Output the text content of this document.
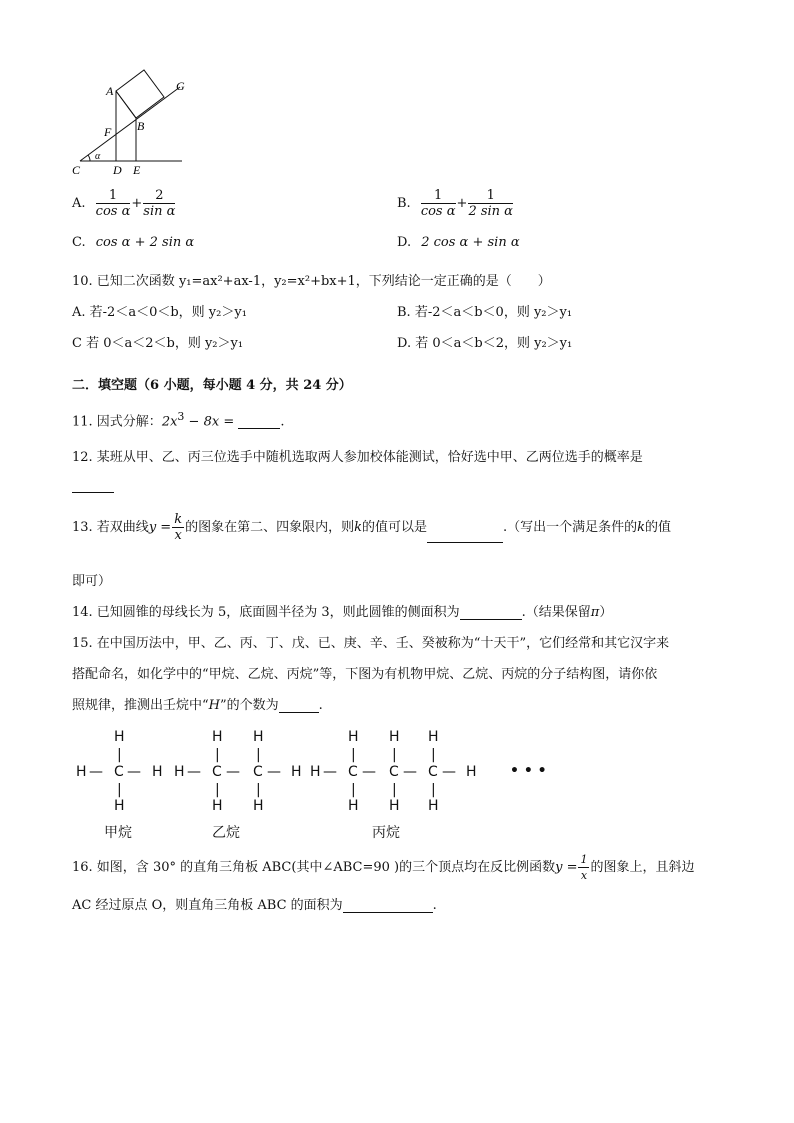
A	G
B
F
α
C	D E
A. $\frac{1}{\text{cos α}} + \frac{2}{\text{sin α}}$	B. $\frac{1}{\text{cos α}} + \frac{1}{\text{2 sin α}}$
C. cos α + 2 sin α	D. 2 cos α + sin α
10. 已知二次函数 y₁=ax²+ax-1，y₂=x²+bx+1，下列结论一定正确的是（　　）
A. 若-2＜a＜0＜b，则 y₂＞y₁	B. 若-2＜a＜b＜0，则 y₂＞y₁
C 若 0＜a＜2＜b，则 y₂＞y₁	D. 若 0＜a＜b＜2，则 y₂＞y₁
二．填空题（6 小题，每小题 4 分，共 24 分）
11. 因式分解：$2x^3 - 8x$ =	.
12. 某班从甲、乙、丙三位选手中随机选取两人参加校体能测试，恰好选中甲、乙两位选手的概率是
13. 若双曲线$y = \frac{k}{x}$ 的图象在第二、四象限内，则k的值可以是	.（写出一个满足条件的k的值
即可）
14. 已知圆锥的母线长为 5，底面圆半径为 3，则此圆锥的侧面积为	.（结果保留π）
15. 在中国历法中，甲、乙、丙、丁、戊、已、庚、辛、壬、癸被称为“十天干”，它们经常和其它汉字来
搭配命名，如化学中的“甲烷、乙烷、丙烷”等，下图为有机物甲烷、乙烷、丙烷的分子结构图，请你依
照规律，推测出壬烷中“H”的个数为	.
H
|
H — C — H
|
H
甲烷
H H
|	|
H — C — C — H
|	|
H H
乙烷
H H H
|	| |
H — C — C — C — H
|	| |
H H H
丙烷
• • •
16. 如图，含 30° 的直角三角板 ABC(其中∠ABC=90 )的三个顶点均在反比例函数$y = \frac{1}{x}$ 的图象上，且斜边
AC 经过原点 O，则直角三角板 ABC 的面积为	.
